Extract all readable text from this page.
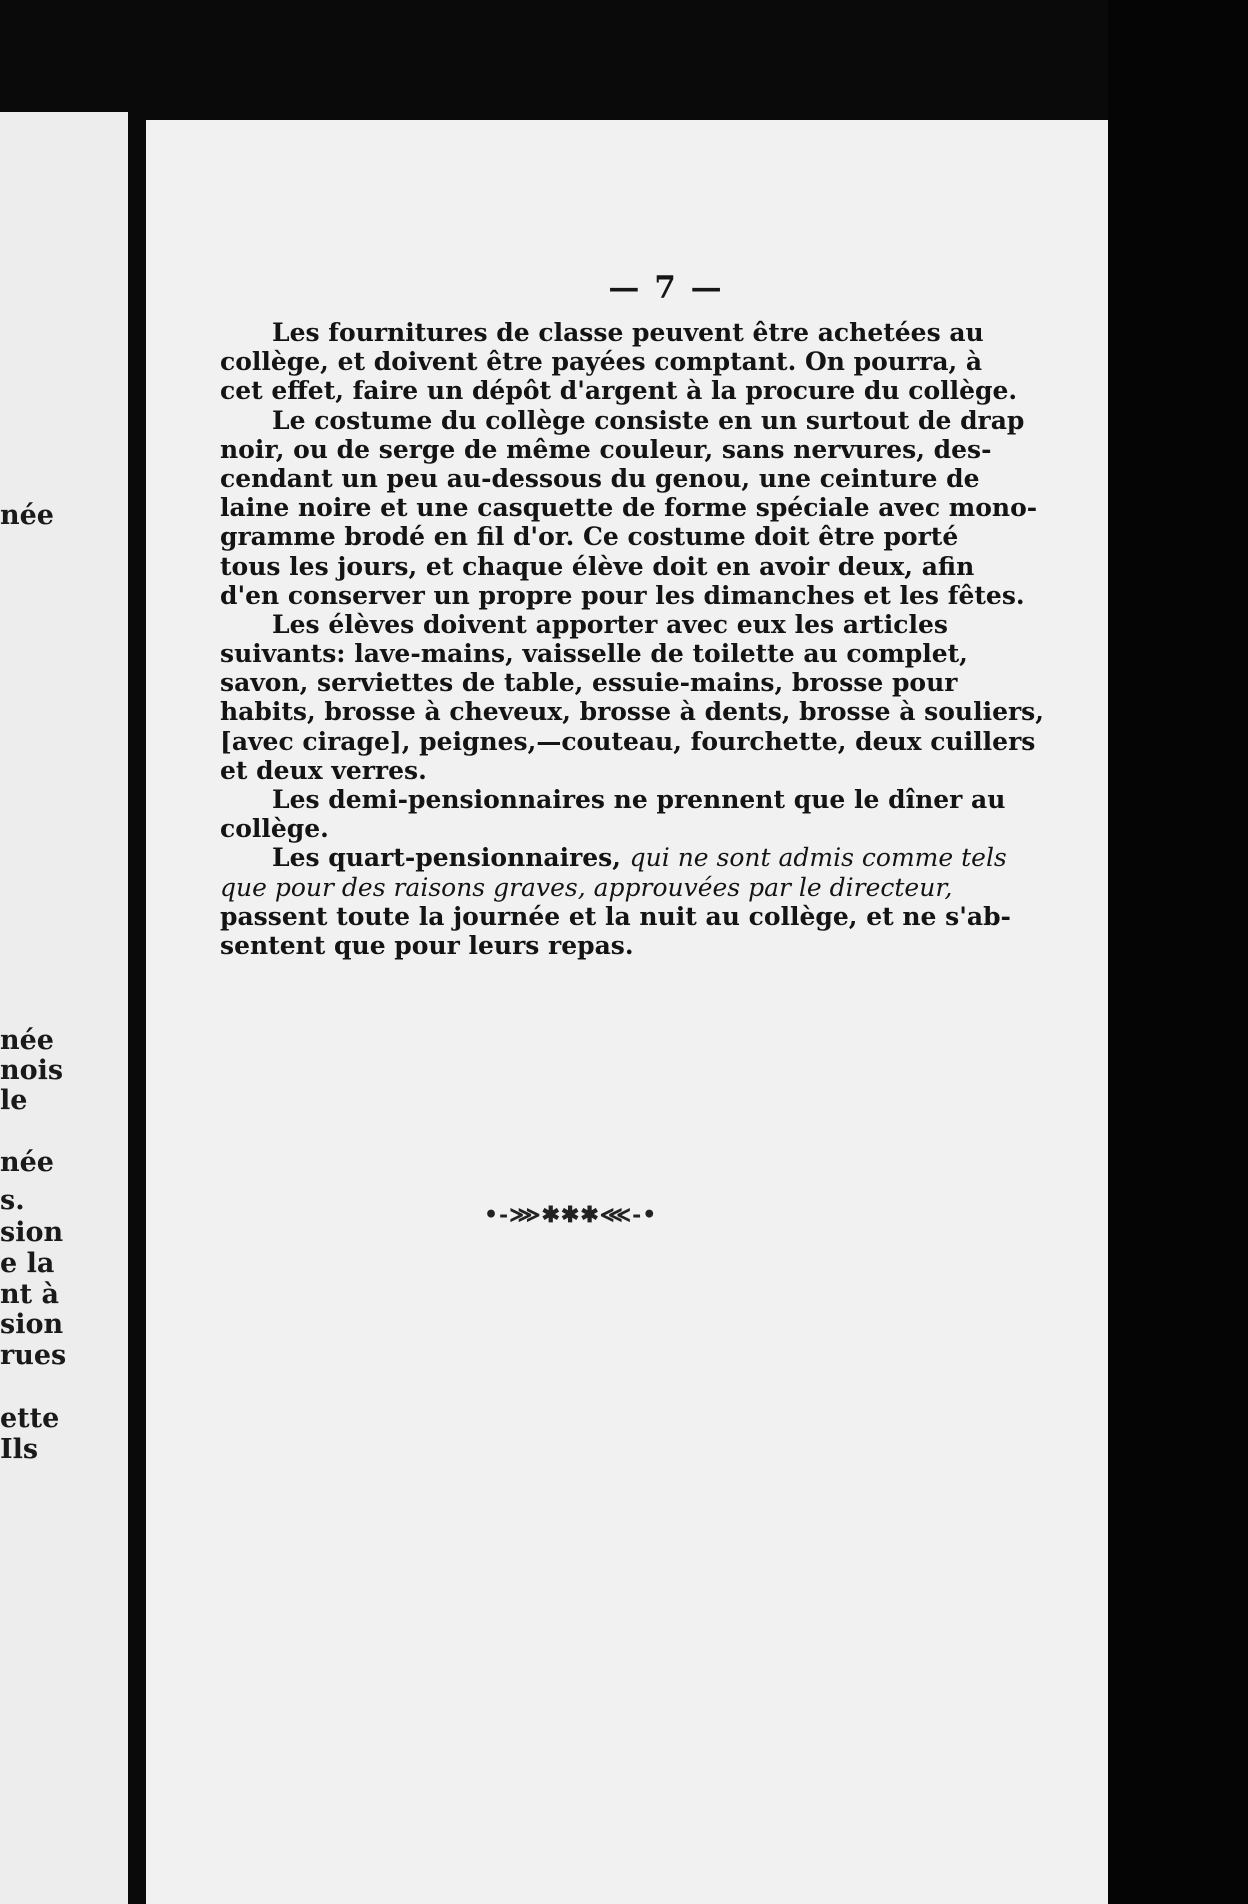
née
née
nois
le
née
s.
sion
e la
nt à
sion
rues
ette
Ils
— 7 —
Les fournitures de classe peuvent être achetées au
collège, et doivent être payées comptant. On pourra, à
cet effet, faire un dépôt d'argent à la procure du collège.
Le costume du collège consiste en un surtout de drap
noir, ou de serge de même couleur, sans nervures, des-
cendant un peu au-dessous du genou, une ceinture de
laine noire et une casquette de forme spéciale avec mono-
gramme brodé en fil d'or. Ce costume doit être porté
tous les jours, et chaque élève doit en avoir deux, afin
d'en conserver un propre pour les dimanches et les fêtes.
Les élèves doivent apporter avec eux les articles
suivants: lave-mains, vaisselle de toilette au complet,
savon, serviettes de table, essuie-mains, brosse pour
habits, brosse à cheveux, brosse à dents, brosse à souliers,
[avec cirage], peignes,—couteau, fourchette, deux cuillers
et deux verres.
Les demi-pensionnaires ne prennent que le dîner au
collège.
Les quart-pensionnaires, qui ne sont admis comme tels
que pour des raisons graves, approuvées par le directeur,
passent toute la journée et la nuit au collège, et ne s'ab-
sentent que pour leurs repas.
•-⋙✱✱✱⋘-•
